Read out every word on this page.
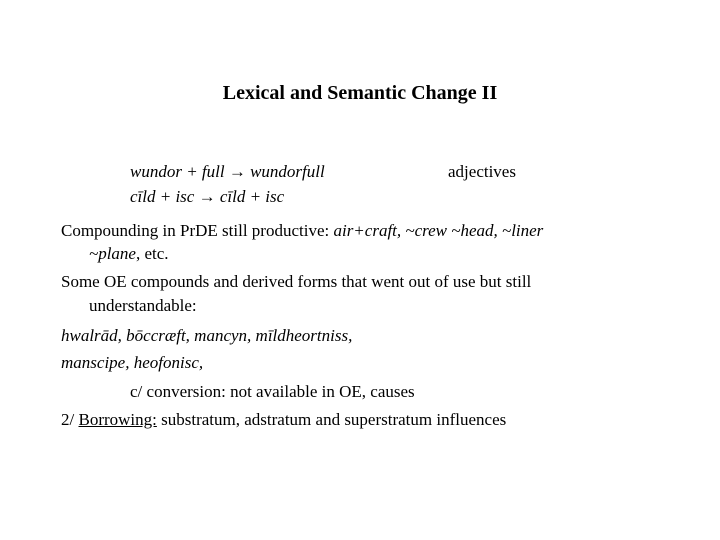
Lexical and Semantic Change II
wundor + full → wundorfull	adjectives
cīld + isc → cīld + isc
Compounding in PrDE still productive: air+craft, ~crew ~head, ~liner
~plane, etc.
Some OE compounds and derived forms that went out of use but still
understandable:
hwalrād, bōccræft, mancyn, mīldheortniss,
manscipe, heofonisc,
c/ conversion: not available in OE, causes
2/ Borrowing: substratum, adstratum and superstratum influences
